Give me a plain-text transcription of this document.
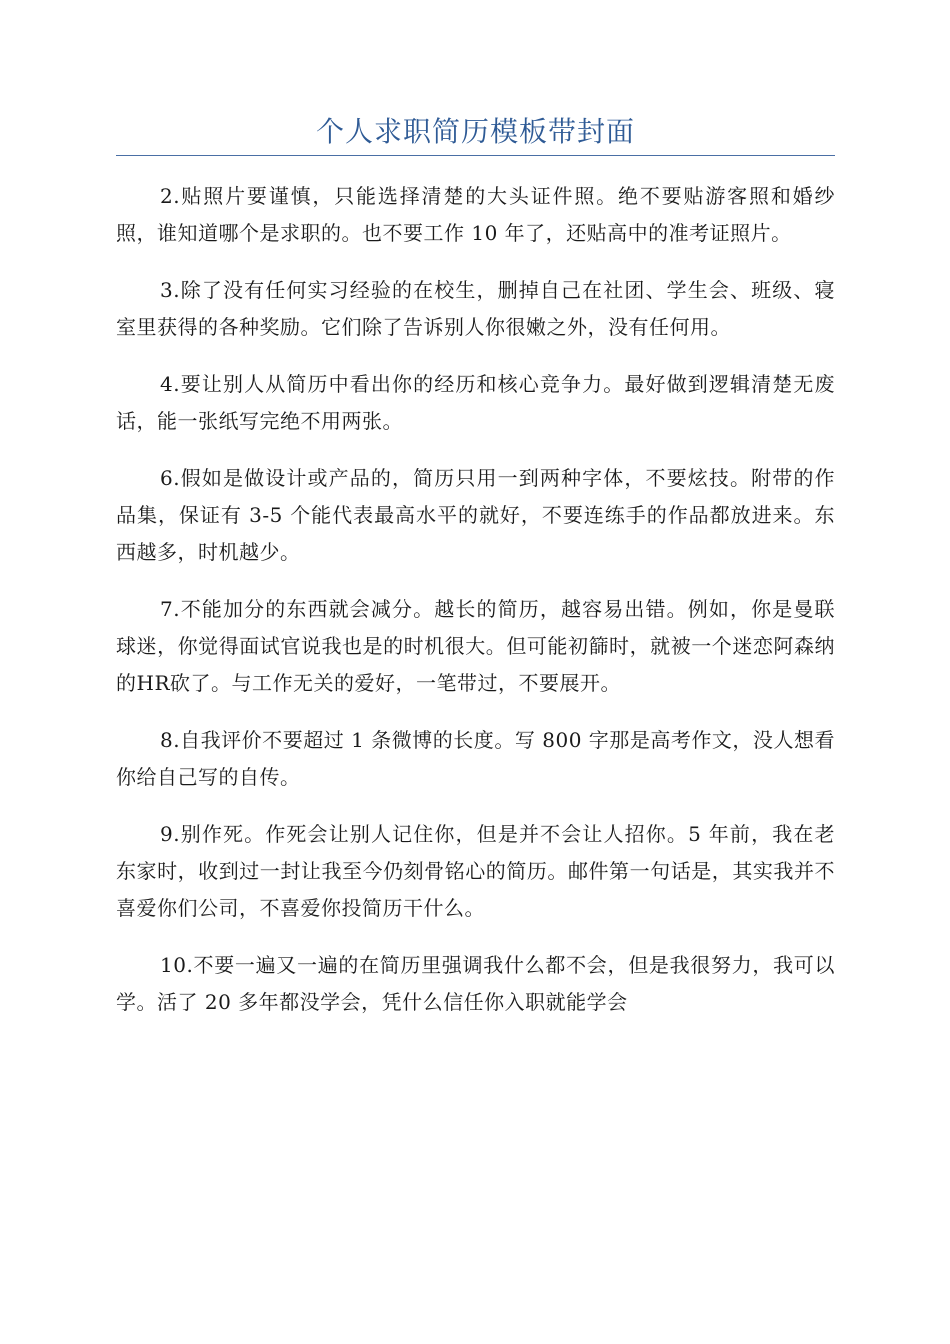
个人求职简历模板带封面

2.贴照片要谨慎，只能选择清楚的大头证件照。绝不要贴游客照和婚纱照，谁知道哪个是求职的。也不要工作 10 年了，还贴高中的准考证照片。

3.除了没有任何实习经验的在校生，删掉自己在社团、学生会、班级、寝室里获得的各种奖励。它们除了告诉别人你很嫩之外，没有任何用。

4.要让别人从简历中看出你的经历和核心竞争力。最好做到逻辑清楚无废话，能一张纸写完绝不用两张。

6.假如是做设计或产品的，简历只用一到两种字体，不要炫技。附带的作品集，保证有 3-5 个能代表最高水平的就好，不要连练手的作品都放进来。东西越多，时机越少。

7.不能加分的东西就会减分。越长的简历，越容易出错。例如，你是曼联球迷，你觉得面试官说我也是的时机很大。但可能初篩时，就被一个迷恋阿森纳的HR砍了。与工作无关的爱好，一笔带过，不要展开。

8.自我评价不要超过 1 条微博的长度。写 800 字那是高考作文，没人想看你给自己写的自传。

9.别作死。作死会让别人记住你，但是并不会让人招你。5 年前，我在老东家时，收到过一封让我至今仍刻骨铭心的简历。邮件第一句话是，其实我并不喜爱你们公司，不喜爱你投简历干什么。

10.不要一遍又一遍的在简历里强调我什么都不会，但是我很努力，我可以学。活了 20 多年都没学会，凭什么信任你入职就能学会
